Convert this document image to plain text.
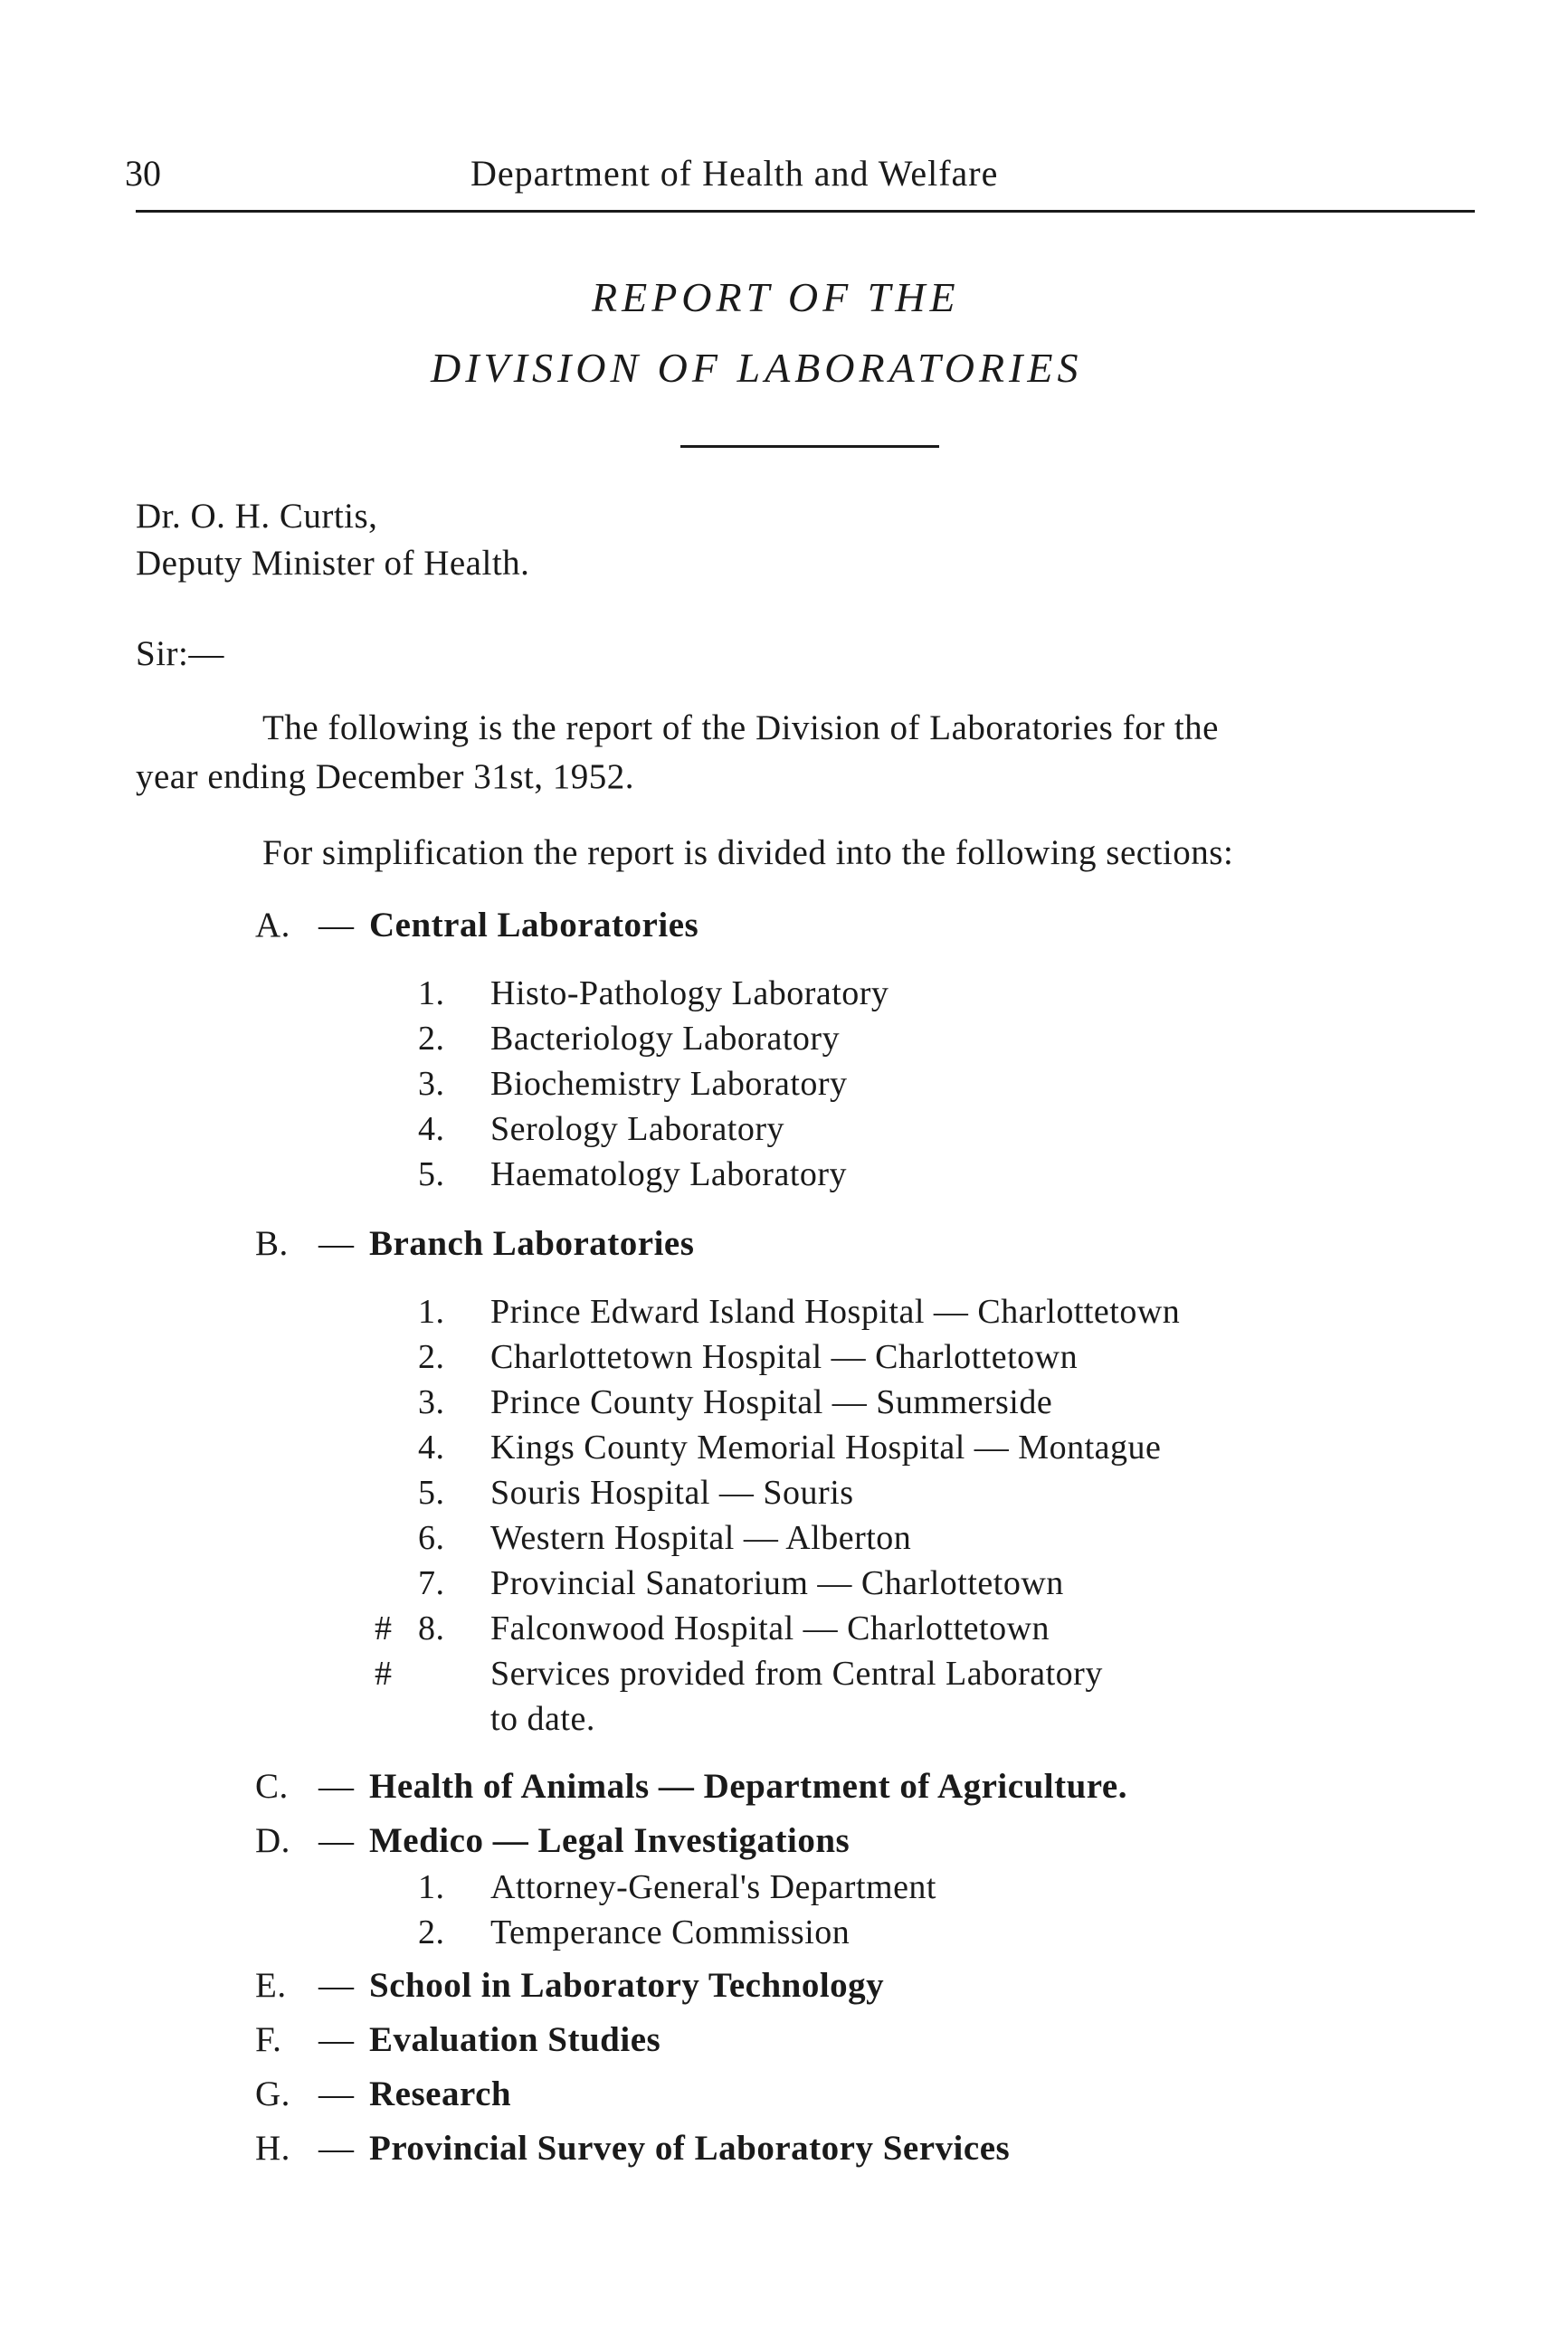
30	Department of Health and Welfare
REPORT OF THE
DIVISION OF LABORATORIES
Dr. O. H. Curtis,
Deputy Minister of Health.
Sir:—
The following is the report of the Division of Laboratories for the
year ending December 31st, 1952.
For simplification the report is divided into the following sections:
A. — Central Laboratories
1. Histo-Pathology Laboratory
2. Bacteriology Laboratory
3. Biochemistry Laboratory
4. Serology Laboratory
5. Haematology Laboratory
B. — Branch Laboratories
1. Prince Edward Island Hospital — Charlottetown
2. Charlottetown Hospital — Charlottetown
3. Prince County Hospital — Summerside
4. Kings County Memorial Hospital — Montague
5. Souris Hospital — Souris
6. Western Hospital — Alberton
7. Provincial Sanatorium — Charlottetown
# 8. Falconwood Hospital — Charlottetown
#	Services provided from Central Laboratory
to date.
C. — Health of Animals — Department of Agriculture.
D. — Medico — Legal Investigations
1. Attorney-General's Department
2. Temperance Commission
E. — School in Laboratory Technology
F. — Evaluation Studies
G. — Research
H. — Provincial Survey of Laboratory Services
